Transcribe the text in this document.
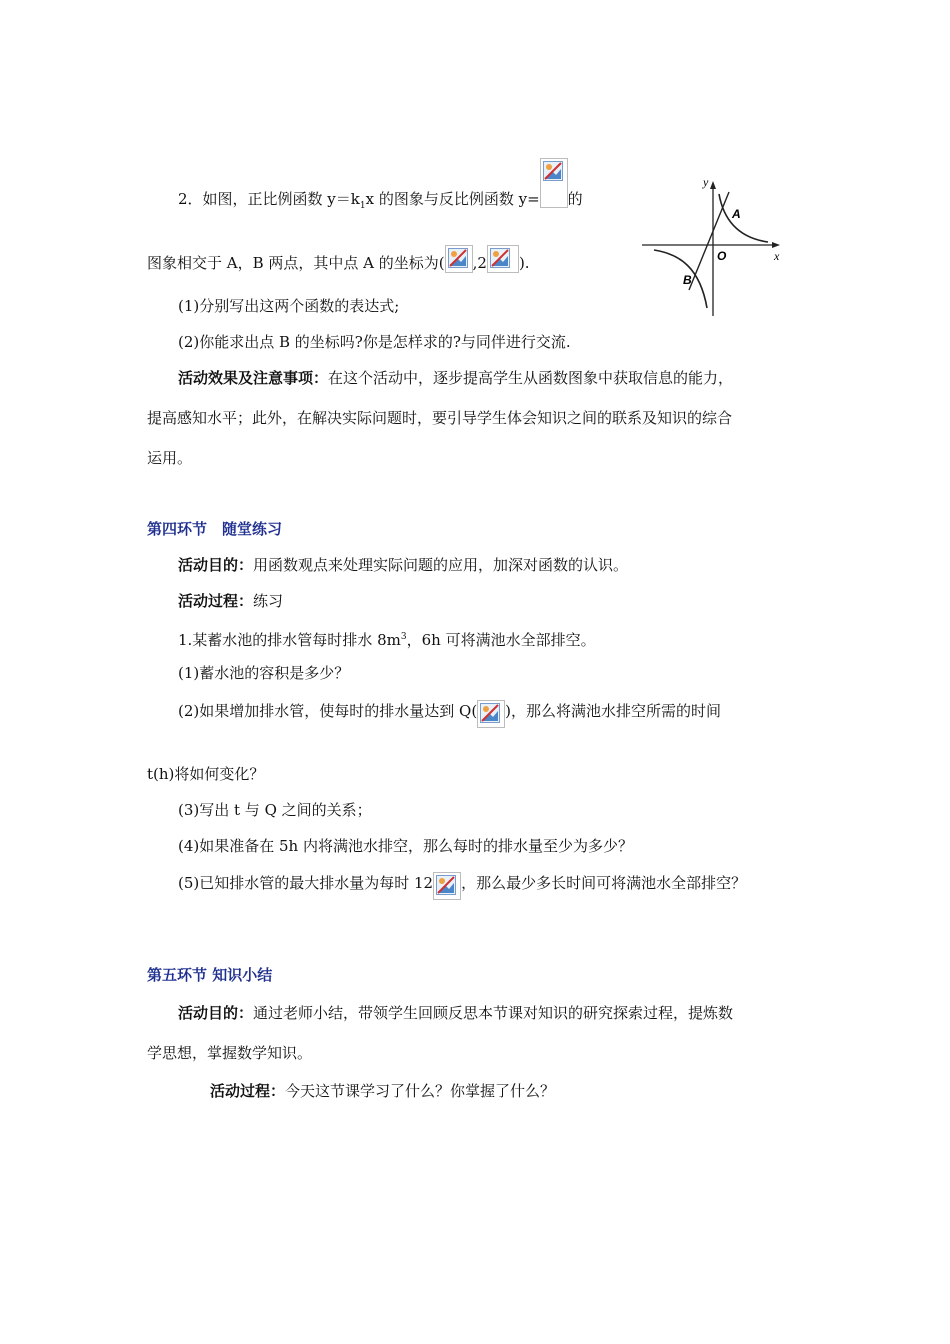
2．如图，正比例函数 $y=k_1x$ 的图象与反比例函数 y= 的
图象相交于 A，B 两点，其中点 A 的坐标为( ,2 ).
y
x
O
A
B
(1)分别写出这两个函数的表达式;
(2)你能求出点 B 的坐标吗?你是怎样求的?与同伴进行交流.
活动效果及注意事项：在这个活动中，逐步提高学生从函数图象中获取信息的能力，
提高感知水平；此外，在解决实际问题时，要引导学生体会知识之间的联系及知识的综合
运用。
第四环节　随堂练习
活动目的：用函数观点来处理实际问题的应用，加深对函数的认识。
活动过程：练习
1.某蓄水池的排水管每时排水 $8m^3$，6h 可将满池水全部排空。
(1)蓄水池的容积是多少？
(2)如果增加排水管，使每时的排水量达到 Q( )，那么将满池水排空所需的时间
t(h)将如何变化？
(3)写出 t 与 Q 之间的关系；
(4)如果准备在 5h 内将满池水排空，那么每时的排水量至少为多少？
(5)已知排水管的最大排水量为每时 12 ，那么最少多长时间可将满池水全部排空？
第五环节 知识小结
活动目的：通过老师小结，带领学生回顾反思本节课对知识的研究探索过程，提炼数
学思想，掌握数学知识。
活动过程：今天这节课学习了什么？你掌握了什么？
